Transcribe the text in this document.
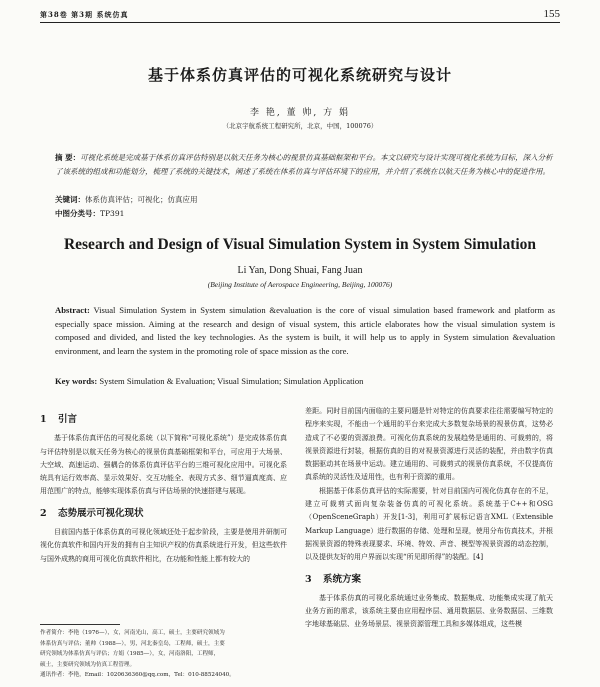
第38卷 第3期 系统仿真	155
基于体系仿真评估的可视化系统研究与设计
李 艳, 董 帅, 方 娟
（北京宇航系统工程研究所，北京，中国，100076）
摘 要：可视化系统是完成基于体系仿真评估特别是以航天任务为核心的视景仿真基础框架和平台。本文以研究与设计实现可视化系统为目标，深入分析了该系统的组成和功能划分，梳理了系统的关键技术，阐述了系统在体系仿真与评估环境下的应用，并介绍了系统在以航天任务为核心中的促进作用。
关键词：体系仿真评估；可视化；仿真应用
中图分类号：TP391
Research and Design of Visual Simulation System in System Simulation
Li Yan, Dong Shuai, Fang Juan
(Beijing Institute of Aerospace Engineering, Beijing, 100076)
Abstract: Visual Simulation System in System simulation &evaluation is the core of visual simulation based framework and platform as especially space mission. Aiming at the research and design of visual system, this article elaborates how the visual simulation system is composed and divided, and listed the key technologies. As the system is built, it will help us to apply in System simulation &evaluation environment, and learn the system in the promoting role of space mission as the core.
Key words: System Simulation & Evaluation; Visual Simulation; Simulation Application
1 引言

基于体系仿真评估的可视化系统（以下简称“可视化系统”）是完成体系仿真与评估特别是以航天任务为核心的视景仿真基础框架和平台，可应用于大场景、大空域、高速运动、强耦合的体系仿真评估平台的三维可视化应用中。可视化系统具有运行效率高、显示效果好、交互功能全、表现方式多、细节逼真度高、应用范围广的特点，能够实现体系仿真与评估场景的快速搭建与展现。

2 态势展示可视化现状

目前国内基于体系仿真的可视化领域还处于起步阶段，主要是使用并研制可视化仿真软件和国内开发的拥有自主知识产权的仿真系统进行开发，但这些软件与国外成熟的商用可视化仿真软件相比，在功能和性能上都有较大的

作者简介：李艳（1976—），女，河南光山，高工，硕士，主要研究领域为
体系仿真与评估；董帅（1988—），男，河北秦皇岛，工程师，硕士，主要
研究领域为体系仿真与评估；方娟（1985—），女，河南洛阳，工程师，
硕士，主要研究领域为仿真工程管理。
通讯作者：李艳，Email：1020636360@qq.com，Tel：010-88524040。

差距。同时目前国内面临的主要问题是针对特定的仿真要求往往需要编写特定的程序来实现，不能由一个通用的平台来完成大多数复杂场景的视景仿真，这势必造成了不必要的资源浪费。可视化仿真系统的发展趋势是通用的、可裁剪的，将视景资源进行封装，根据仿真的目的对视景资源进行灵活的装配，并由数字仿真数据驱动其在场景中运动。建立通用的、可裁剪式的视景仿真系统，不仅提高仿真系统的灵活性及适用性，也有利于资源的重用。

根据基于体系仿真评估的实际需要，针对目前国内可视化仿真存在的不足，建立可裁剪式面向复杂装备仿真的可视化系统。系统基于C++和OSG（OpenSceneGraph）开发[1-3]，利用可扩展标记语言XML（Extensible Markup Language）进行数据的存储、处理和呈现，使用分布仿真技术，并根据视景资源的特殊表现要求、环境、特效、声音、模型等视景资源的动态控制，以及提供友好的用户界面以实现“所见即所得”的装配。[4]

3 系统方案

基于体系仿真的可视化系统通过业务集成、数据集成、功能集成实现了航天业务方面的需求，该系统主要由应用程序层、通用数据层、业务数据层、三维数字地球基础层、业务场景层、视景资源管理工具和多媒体组成，这些模
